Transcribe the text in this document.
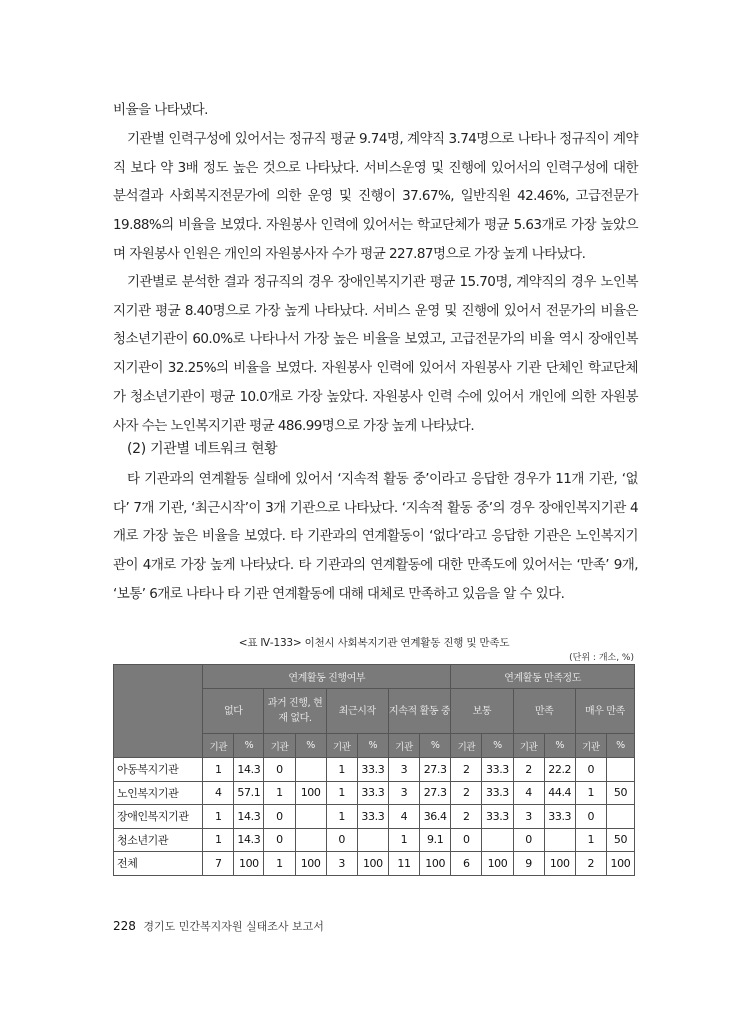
비율을 나타냈다.
기관별 인력구성에 있어서는 정규직 평균 9.74명, 계약직 3.74명으로 나타나 정규직이 계약직 보다 약 3배 정도 높은 것으로 나타났다. 서비스운영 및 진행에 있어서의 인력구성에 대한 분석결과 사회복지전문가에 의한 운영 및 진행이 37.67%, 일반직원 42.46%, 고급전문가 19.88%의 비율을 보였다. 자원봉사 인력에 있어서는 학교단체가 평균 5.63개로 가장 높았으며 자원봉사 인원은 개인의 자원봉사자 수가 평균 227.87명으로 가장 높게 나타났다.
기관별로 분석한 결과 정규직의 경우 장애인복지기관 평균 15.70명, 계약직의 경우 노인복지기관 평균 8.40명으로 가장 높게 나타났다. 서비스 운영 및 진행에 있어서 전문가의 비율은 청소년기관이 60.0%로 나타나서 가장 높은 비율을 보였고, 고급전문가의 비율 역시 장애인복지기관이 32.25%의 비율을 보였다. 자원봉사 인력에 있어서 자원봉사 기관 단체인 학교단체가 청소년기관이 평균 10.0개로 가장 높았다. 자원봉사 인력 수에 있어서 개인에 의한 자원봉사자 수는 노인복지기관 평균 486.99명으로 가장 높게 나타났다.
(2) 기관별 네트워크 현황
타 기관과의 연계활동 실태에 있어서 ‘지속적 활동 중’이라고 응답한 경우가 11개 기관, ‘없다’ 7개 기관, ‘최근시작’이 3개 기관으로 나타났다. ‘지속적 활동 중’의 경우 장애인복지기관 4개로 가장 높은 비율을 보였다. 타 기관과의 연계활동이 ‘없다’라고 응답한 기관은 노인복지기관이 4개로 가장 높게 나타났다. 타 기관과의 연계활동에 대한 만족도에 있어서는 ‘만족’ 9개, ‘보통’ 6개로 나타나 타 기관 연계활동에 대해 대체로 만족하고 있음을 알 수 있다.
<표 Ⅳ-133> 이천시 사회복지기관 연계활동 진행 및 만족도
(단위 : 개소, %)
	연계활동 진행여부								연계활동 만족정도					
	없다		과거 진행, 현재 없다.		최근시작		지속적 활동 중		보통		만족		매우 만족	
	기관	%	기관	%	기관	%	기관	%	기관	%	기관	%	기관	%
아동복지기관	1	14.3	0		1	33.3	3	27.3	2	33.3	2	22.2	0	
노인복지기관	4	57.1	1	100	1	33.3	3	27.3	2	33.3	4	44.4	1	50
장애인복지기관	1	14.3	0		1	33.3	4	36.4	2	33.3	3	33.3	0	
청소년기관	1	14.3	0		0		1	9.1	0		0		1	50
전체	7	100	1	100	3	100	11	100	6	100	9	100	2	100
228 경기도 민간복지자원 실태조사 보고서
